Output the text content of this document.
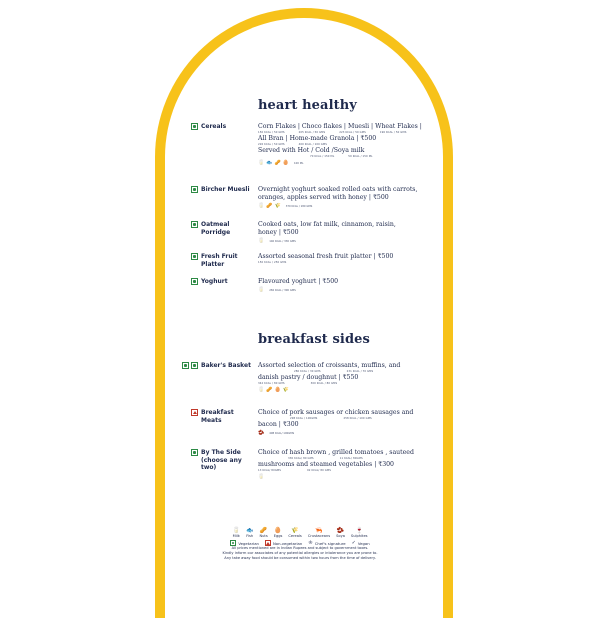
heart healthy
breakfast sides
Cereals	Corn Flakes | Choco flakes | Muesli | Wheat Flakes |
150 KCAL / 50 GMS	205 KCAL / 50 GMS	223 KCAL / 50 GMS	196 KCAL / 50 GMS
All Bran | Home-made Granola | ₹500
226 KCAL / 50 GMS	400 KCAL / 100 GMS
Served with Hot / Cold /Soya milk
70 KCAL / 150 ML	59 KCAL / 150 ML
🥛 🐟 🥜 🥚 100 ML
Bircher Muesli Overnight yoghurt soaked rolled oats with carrots,
oranges, apples served with honey | ₹500
🥛 🥜 🌾 370 KCAL / 180 GMS
Oatmeal Porridge
Cooked oats, low fat milk, cinnamon, raisin,
honey | ₹500
🥛 140 KCAL / 330 GMS
Fresh Fruit Platter
Assorted seasonal fresh fruit platter | ₹500
150 KCAL / 250 GMS
Yoghurt	Flavoured yoghurt | ₹500
🥛 282 KCAL / 300 GMS
Baker's Basket Assorted selection of croissants, muffins, and
280 KCAL / 30 GMS	231 KCAL / 70 GMS
danish pastry / doughnut | ₹550
342 KCAL / 80 GMS	300 KCAL / 80 GMS
🥛 🥜 🥚 🌾
Breakfast Meats
Choice of pork sausages or chicken sausages and
298 KCAL / 100GMS	258 KCAL / 100 GMS
bacon | ₹300
🫘 498 KCAL/ 100GMS
By The Side (choose any two)
Choice of hash brown , grilled tomatoes , sauteed
330 KCAL/ 80 GMS	11 KCAL/ 80GMS
mushrooms and steamed vegetables | ₹300
13 KCAL/ 80GMS	92 KCAL/ 80 GMS
🥛
🥛
Milk
🐟
Fish
🥜
Nuts
🥚
Eggs
🌾
Cereals
🦐
Crustaceans
🫘
Soya
🍷
Sulphites
Vegetarian	Non-vegetarian ♔ Chef's signature ✓ Vegan
All prices mentioned are in Indian Rupees and subject to government taxes.
Kindly inform our associates of any potential allergies or intolerance you are prone to.
Any take away food should be consumed within two hours from the time of delivery.
